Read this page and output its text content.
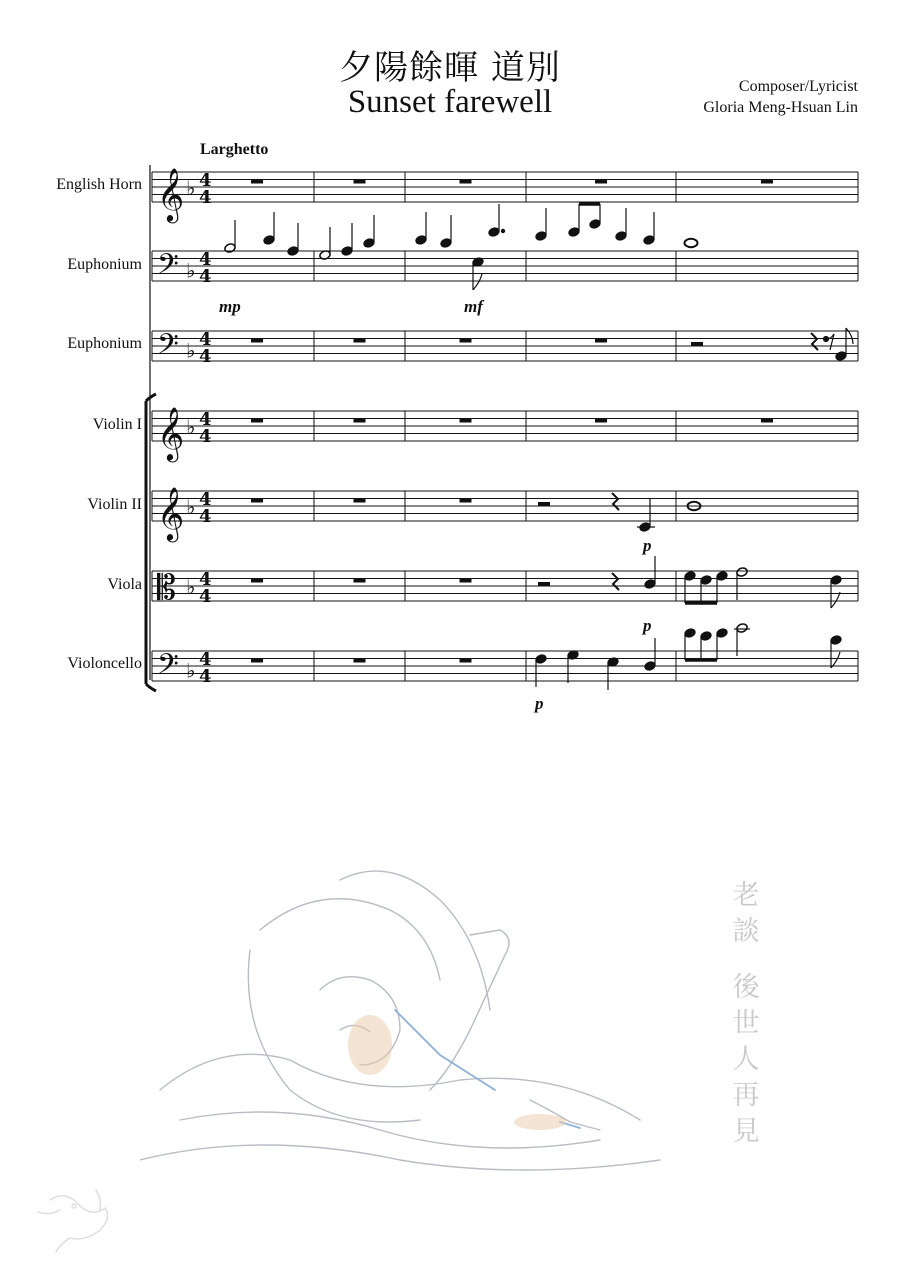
夕陽餘暉 道別
Sunset farewell	Composer/Lyricist
Gloria Meng-Hsuan Lin
Larghetto
English Horn
Euphonium
Euphonium
Violin I
Violin II
Viola
Violoncello
𝄞 ♭ 4
4
𝄢 ♭ 4
4
𝄢 ♭ 4
4
𝄞 ♭ 4
4
𝄞 ♭ 4
4
𝄡 ♭ 4
4
𝄢 ♭ 4
4
mp	mf
p
p
p
老
談
後
世
人
再
見
